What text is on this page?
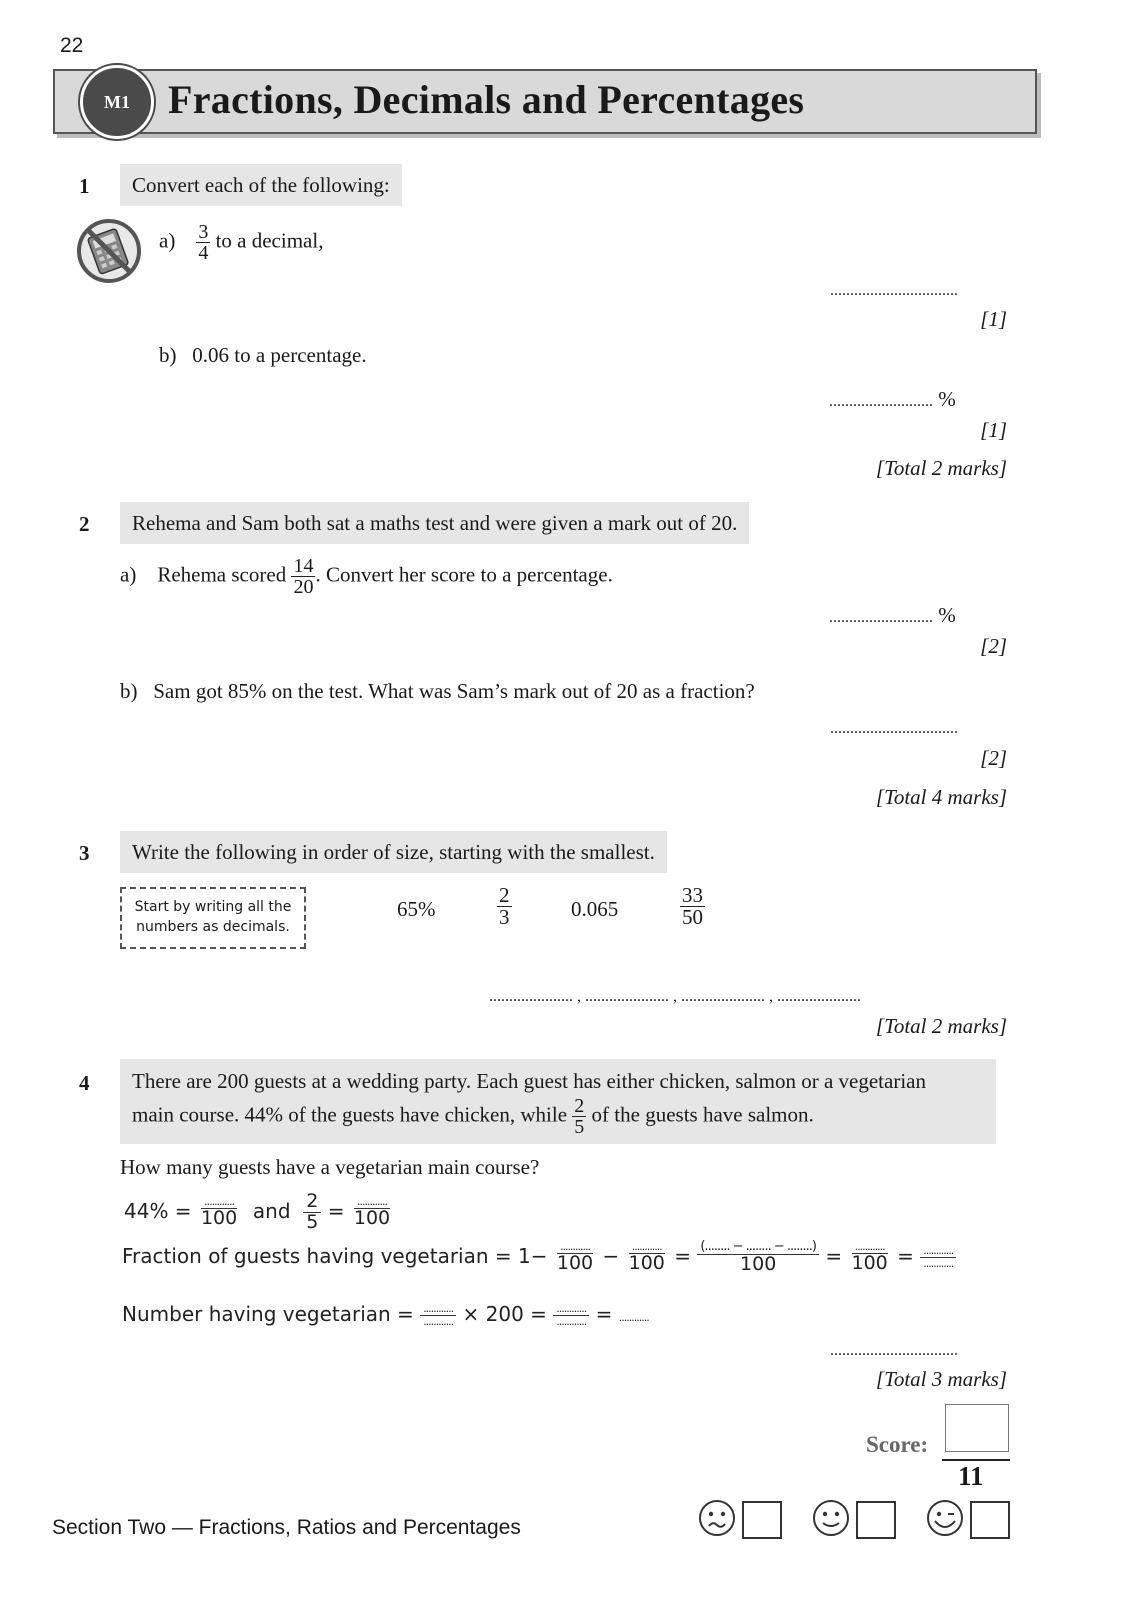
22
M1 Fractions, Decimals and Percentages
1	Convert each of the following:
$a) \frac{3}{4}$ to a decimal,
................................
[1]
b) 0.06 to a percentage.
.......................... %
[1]
[Total 2 marks]
2	Rehema and Sam both sat a maths test and were given a mark out of 20.
a) Rehema scored $\frac{14}{20}$ . Convert her score to a percentage.
.......................... %
[2]
b) Sam got 85% on the test. What was Sam’s mark out of 20 as a fraction?
................................
[2]
[Total 4 marks]
3	Write the following in order of size, starting with the smallest.
Start by writing all the
numbers as decimals.
65%	$\frac{2}{3}$	0.065	$\frac{33}{50}$
..................... , ..................... , ..................... , .....................
[Total 2 marks]
4 There are 200 guests at a wedding party. Each guest has either chicken, salmon or a vegetarian
main course. 44% of the guests have chicken, while $\frac{2}{5}$ of the guests have salmon.
How many guests have a vegetarian main course?
44% = ............
100 and $\frac{2}{5}$ = ............
100
Fraction of guests having vegetarian = 1− ............
100 − ............
100 = (........ − ........ − ........)
100 = ............
100 = ............
............
Number having vegetarian = ............
............ × 200 = ............
............ = ............
................................
[Total 3 marks]
Score:
11
Section Two — Fractions, Ratios and Percentages
